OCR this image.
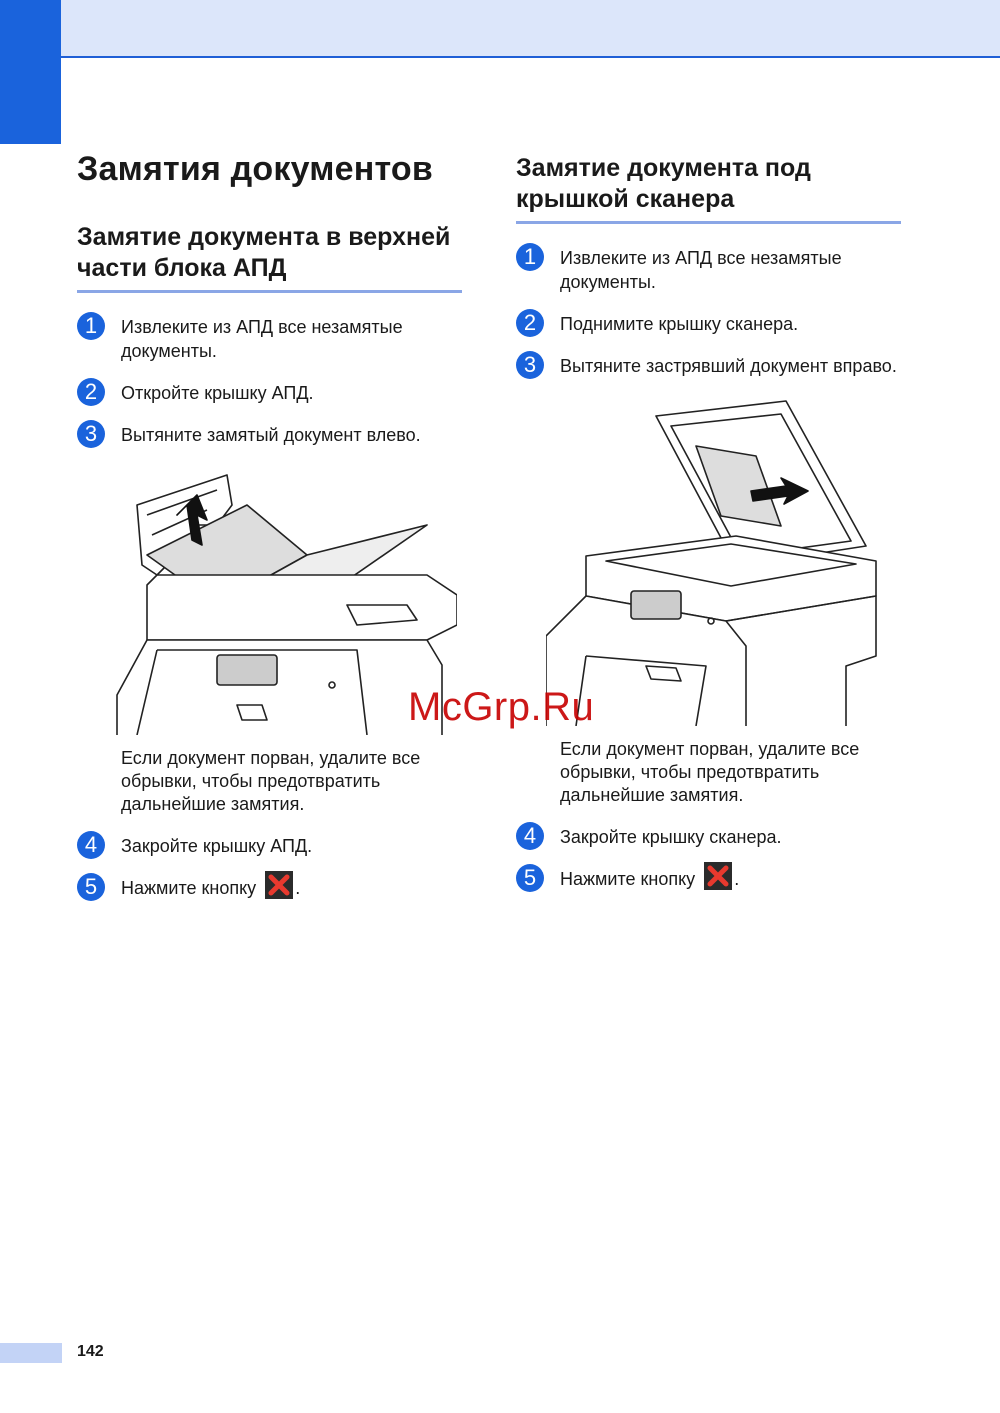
Замятия документов
Замятие документа в верхней части блока АПД
1	Извлеките из АПД все незамятые документы.
2	Откройте крышку АПД.
3	Вытяните замятый документ влево.
Если документ порван, удалите все обрывки, чтобы предотвратить дальнейшие замятия.
4	Закройте крышку АПД.
5	Нажмите кнопку .
Замятие документа под крышкой сканера
1	Извлеките из АПД все незамятые документы.
2	Поднимите крышку сканера.
3	Вытяните застрявший документ вправо.
Если документ порван, удалите все обрывки, чтобы предотвратить дальнейшие замятия.
4	Закройте крышку сканера.
5	Нажмите кнопку .

McGrp.Ru

142
